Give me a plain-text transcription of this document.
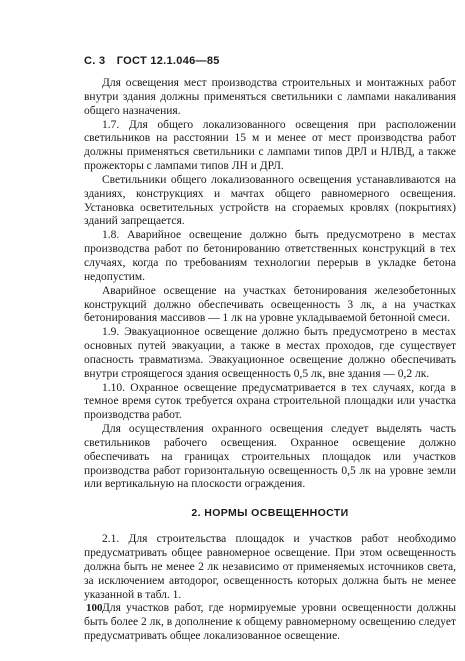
С. 3 ГОСТ 12.1.046—85

Для освещения мест производства строительных и монтажных работ внутри здания должны применяться светильники с лампами накаливания общего назначения.

1.7. Для общего локализованного освещения при расположении светильников на расстоянии 15 м и менее от мест производства работ должны применяться светильники с лампами типов ДРЛ и НЛВД, а также прожекторы с лампами типов ЛН и ДРЛ.

Светильники общего локализованного освещения устанавливаются на зданиях, конструкциях и мачтах общего равномерного освещения. Установка осветительных устройств на сгораемых кровлях (покрытиях) зданий запрещается.

1.8. Аварийное освещение должно быть предусмотрено в местах производства работ по бетонированию ответственных конструкций в тех случаях, когда по требованиям технологии перерыв в укладке бетона недопустим.

Аварийное освещение на участках бетонирования железобетонных конструкций должно обеспечивать освещенность 3 лк, а на участках бетонирования массивов — 1 лк на уровне укладываемой бетонной смеси.

1.9. Эвакуационное освещение должно быть предусмотрено в местах основных путей эвакуации, а также в местах проходов, где существует опасность травматизма. Эвакуационное освещение должно обеспечивать внутри строящегося здания освещенность 0,5 лк, вне здания — 0,2 лк.

1.10. Охранное освещение предусматривается в тех случаях, когда в темное время суток требуется охрана строительной площадки или участка производства работ.

Для осуществления охранного освещения следует выделять часть светильников рабочего освещения. Охранное освещение должно обеспечивать на границах строительных площадок или участков производства работ горизонтальную освещенность 0,5 лк на уровне земли или вертикальную на плоскости ограждения.

2. НОРМЫ ОСВЕЩЕННОСТИ

2.1. Для строительства площадок и участков работ необходимо предусматривать общее равномерное освещение. При этом освещенность должна быть не менее 2 лк независимо от применяемых источников света, за исключением автодорог, освещенность которых должна быть не менее указанной в табл. 1.

Для участков работ, где нормируемые уровни освещенности должны быть более 2 лк, в дополнение к общему равномерному освещению следует предусматривать общее локализованное освещение.

100
